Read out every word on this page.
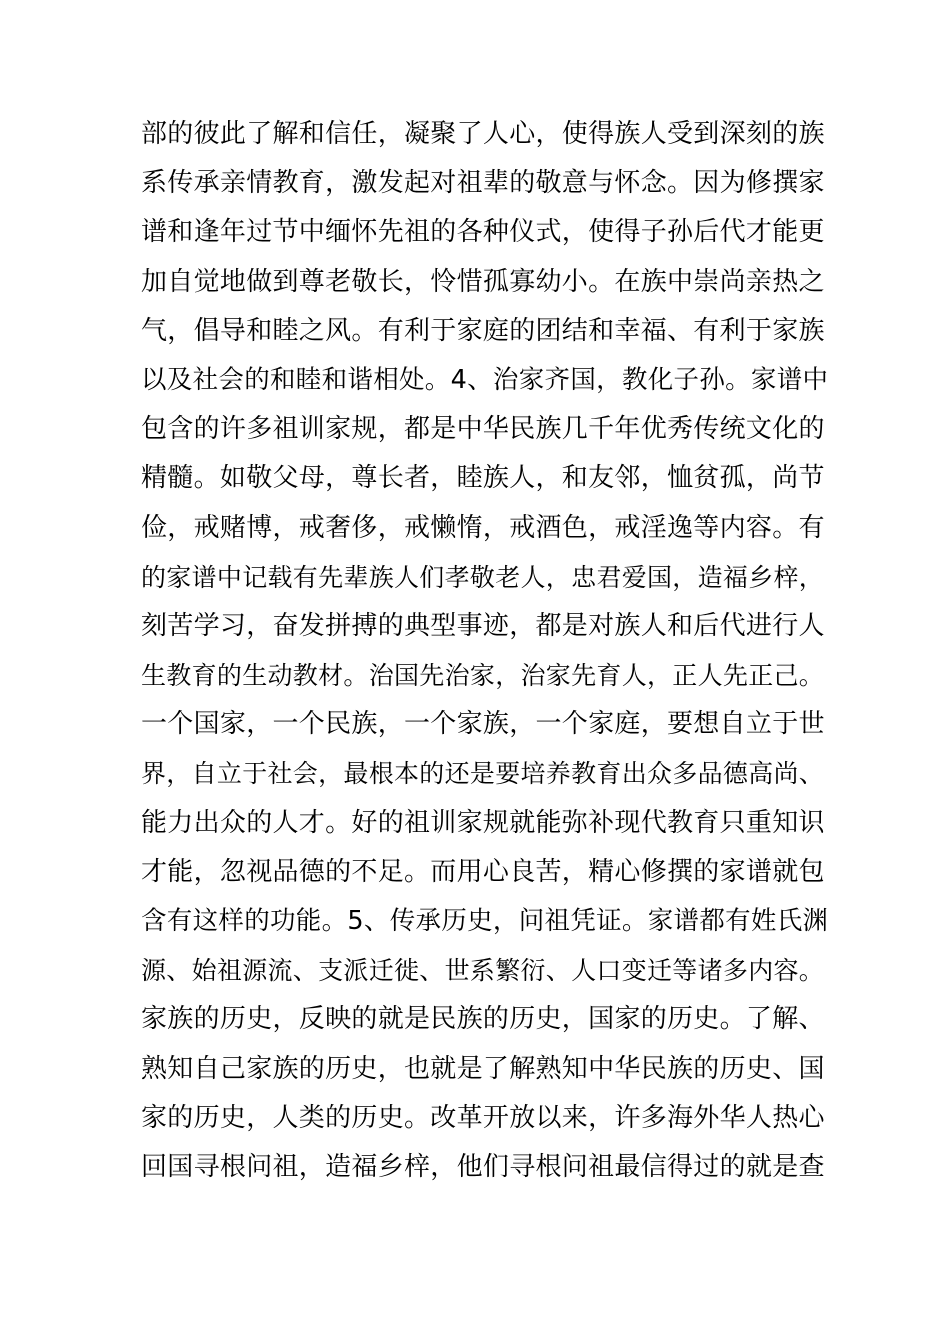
部的彼此了解和信任，凝聚了人心，使得族人受到深刻的族
系传承亲情教育，激发起对祖辈的敬意与怀念。因为修撰家
谱和逢年过节中缅怀先祖的各种仪式，使得子孙后代才能更
加自觉地做到尊老敬长，怜惜孤寡幼小。在族中崇尚亲热之
气，倡导和睦之风。有利于家庭的团结和幸福、有利于家族
以及社会的和睦和谐相处。4、治家齐国，教化子孙。家谱中
包含的许多祖训家规，都是中华民族几千年优秀传统文化的
精髓。如敬父母，尊长者，睦族人，和友邻，恤贫孤，尚节
俭，戒赌博，戒奢侈，戒懒惰，戒酒色，戒淫逸等内容。有
的家谱中记载有先辈族人们孝敬老人，忠君爱国，造福乡梓，
刻苦学习，奋发拼搏的典型事迹，都是对族人和后代进行人
生教育的生动教材。治国先治家，治家先育人，正人先正己。
一个国家，一个民族，一个家族，一个家庭，要想自立于世
界，自立于社会，最根本的还是要培养教育出众多品德高尚、
能力出众的人才。好的祖训家规就能弥补现代教育只重知识
才能，忽视品德的不足。而用心良苦，精心修撰的家谱就包
含有这样的功能。5、传承历史，问祖凭证。家谱都有姓氏渊
源、始祖源流、支派迁徙、世系繁衍、人口变迁等诸多内容。
家族的历史，反映的就是民族的历史，国家的历史。了解、
熟知自己家族的历史，也就是了解熟知中华民族的历史、国
家的历史，人类的历史。改革开放以来，许多海外华人热心
回国寻根问祖，造福乡梓，他们寻根问祖最信得过的就是查
